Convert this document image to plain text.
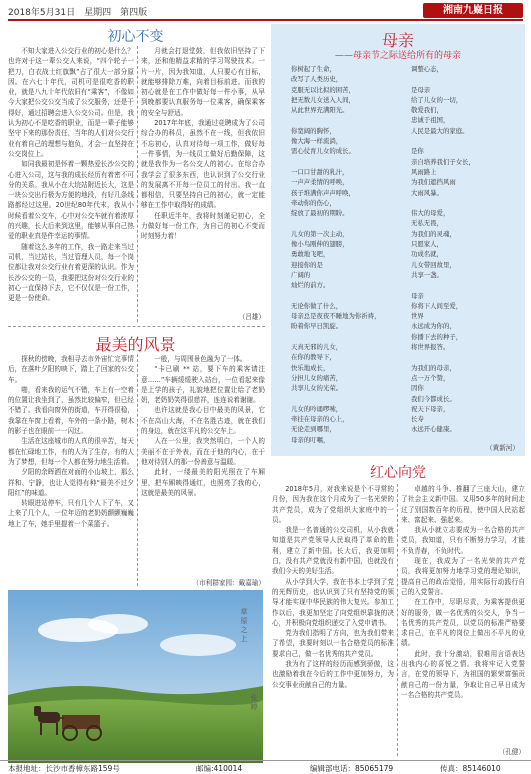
2018年5月31日　星期四　第四版	湘南九嶷日报
初心不变

不知大家进入公交行业的初心是什么？也许对于这一辈公交人来说，“四个轮子一把刀，白衣战士红旗飘”占了很大一部分原因。在六七十年代，司机可是很吃香的职业，就是八九十年代依旧有“乘客”，不像如今大家把公交公交当成了公交服务，还是干得好，通过招聘会进入公交公司。但是，我认为初心不是吃香的职业，而是一辈子能够坚守下来的那份责任，当年的人们对公交行业有着自己的理想与抱负，才会一直坚持在公交岗位上。

如同我最初是怀着一颗热爱长沙公交的心进入公司，这与我的成长经历有着密不可分的关系。我从小在大垸站附近长大，这是一块公交出行极为方便的地段，有好几条线路都经过这里。20世纪80年代末，我从小时候看着公交车，心中对公交车就有着浓厚的兴趣，长大后来到这里，能够从事自己热爱的职业真是件幸运的事情。

随着这么多年的工作，我一路走来当过司机，当过站长，当过管理人员，每一个岗位都让我对公交行业有着更深的认识。作为长沙公交的一员，我要把这份对公交行业的初心一直保持下去，它不仅仅是一份工作，更是一份使命。

月就会打退堂鼓，但我依旧坚持了下来，还和他精益求精的学习驾驶技术。一片一片，因为我知道，人只要心有目标，就能够排除万难，向着目标前进。而我的初心就是在工作中做好每一件小事，从早到晚都要认真服务每一位乘客，确保乘客的安全与舒适。

2017年年底，我通过竞聘成为了公司综合办的科员，虽然不在一线，但我依旧不忘初心，认真对待每一项工作，做好每一件事情，为一线员工做好后勤保障，这就是我作为一名公交人的初心。在综合办我学会了很多东西，也认识到了公交行业的发展离不开每一位员工的付出。我一直都相信，只要坚持自己的初心，就一定能够在工作中取得好的成绩。

任职近半年，我将时刻谨记初心，全力做好每一份工作，为自己的初心不变而时刻努力着！

（吕雄）
最美的风景

探秋的傍晚，我相寻去市外宙忙完事情后，在落叶夕阳的映下，踏上了回家的公交车。

啪，看来我的运气不错，车上有一空着的位置让我坐到了，虽然比较偏窄，但已经不错了。我看向窗外的街道，车开得很稳，我靠在车窗上看着，车外的一条小路，树木的影子也在眼前一一闪过。

生活在这座城市的人真的很辛苦，每天都在忙碌地工作，有的人为了生存，有的人为了梦想，但每一个人都在努力地生活着。

夕阳的余晖洒在对面的小山坡上，那么祥和、宁静，也让人觉得有种“最美不过夕阳红”的味道。

转眼进站停车，只有几个人下了车，又上来了几个人，一位年迈的老奶奶颤颤巍巍地上了车，她手里提着一个菜篮子。

一般，与周围景色融为了一体。

“卡已刷 ** 站，要下车的乘客请注意……”车辆缓缓驶入站台，一位看起来像是上学的孩子，礼貌地把位置让给了老奶奶，老奶奶笑得很慈祥，连连说着谢谢。

也许这就是我心目中最美的风景，它不在高山大海，不在名胜古迹，就在我们的身边，就在这平凡的公交车上。

人在一公里，我突然明白，一个人的美丽不在于外表，而在于他的内心，在于他对待别人的那一份善意与温暖。

此时，一缕最美的阳光照在了车厢里，把车厢映得通红，也照亮了我的心，这就是最美的风景。

（市利群家园：戴嘉瑜）
草原之上
张婷
母亲
——母亲节之际送给所有的母亲
你树起了生命，
改写了人类历史，
克服无以比拟的困苦，
把无数儿女送入人间，
从此世界充满阳光。

你宽阔的胸怀，
像大海一样流淌，
需心仗育儿女的成长。

一口口甘甜的乳汁，
一声声柔情的呼唤，
孩子堆满你声声呼唤，
牵动你的伤心，
绽放了最初的期盼。

儿女的第一次主动，
像小鸟刚伸的翅膀，
勇敢地飞吧，
迎接你的是
广阔的
灿烂的前方。

无论你做了什么，
母亲总是夜夜不睡地为你祈祷，
盼着你早日凯旋。

天真无邪的儿女，
在你的教导下，
快乐地成长，
分担儿女的痛苦，
共享儿女的光荣。

儿女的吟诵啰嗦，
牵挂在母亲的心上，
无论走到哪里，
母亲的叮嘱，
调整心态，

是母亲
给了儿女的一切，
敬爱我们，
忠诚于祖国，
人民是最大的家庭。

是你
亲自培养我们子女长，
风雨路上
为我们遮挡风雨
大雨风暴。

伟大的母爱，
无私无畏，
为我们的灵魂，
只愿家人，
功成名就，
儿女带回故里，
共享一盏。

母亲
你将下人间至爱，
世界
永远成为你的，
你播下去的种子，
将世界报答。

为我们的母亲，
点一万个赞，
因你
我们今都成长。
祝天下母亲，
长寿
永远开心健康。
（黄新河）
红心向党

2018年5月，对我来说是个不寻常的月份，因为我在这个月成为了一名光荣的共产党员，成为了党组织大家庭中的一员。

我是一名普通的公交司机，从小我就知道是共产党领导人民取得了革命的胜利，建立了新中国。长大后，我更加明白，没有共产党就没有新中国，也就没有我们今天的美好生活。

从小学到大学，我在书本上学到了党的光辉历史，也认识到了只有坚持党的领导才能实现中华民族的伟大复兴。参加工作以后，我更加坚定了向党组织靠拢的决心，并积极向党组织递交了入党申请书。

党为我们指明了方向，也为我们带来了希望，我要时刻以一名合格党员的标准要求自己，做一名优秀的共产党员。

我为有了这样的经历而感到骄傲，这也激励着我在今后的工作中更加努力，为公交事业贡献自己的力量。

卓越的斗争、推翻了三座大山，建立了社会主义新中国。又用50多年的时间走过了别国数百年的历程，使中国人民站起来、富起来、强起来。

我从小就立志要成为一名合格的共产党员，我知道，只有不断努力学习，才能不负青春，不负时代。

现在，我成为了一名光荣的共产党员，我将更加努力地学习党的理论知识，提高自己的政治觉悟，用实际行动践行自己的入党誓言。

在工作中，尽职尽责，为乘客提供更好的服务，做一名优秀的公交人，争当一名优秀的共产党员，以党员的标准严格要求自己，在平凡的岗位上做出不平凡的业绩。

此时，我十分激动，很难用言语表达出我内心的喜悦之情。我将牢记入党誓言，在党的领导下，为祖国的繁荣富强贡献自己的一份力量，争取让自己早日成为一名合格的共产党员。

（孔健）
本报地址：长沙市香樟东路159号	邮编:410014	编辑部电话：85065179	传真：85146010
